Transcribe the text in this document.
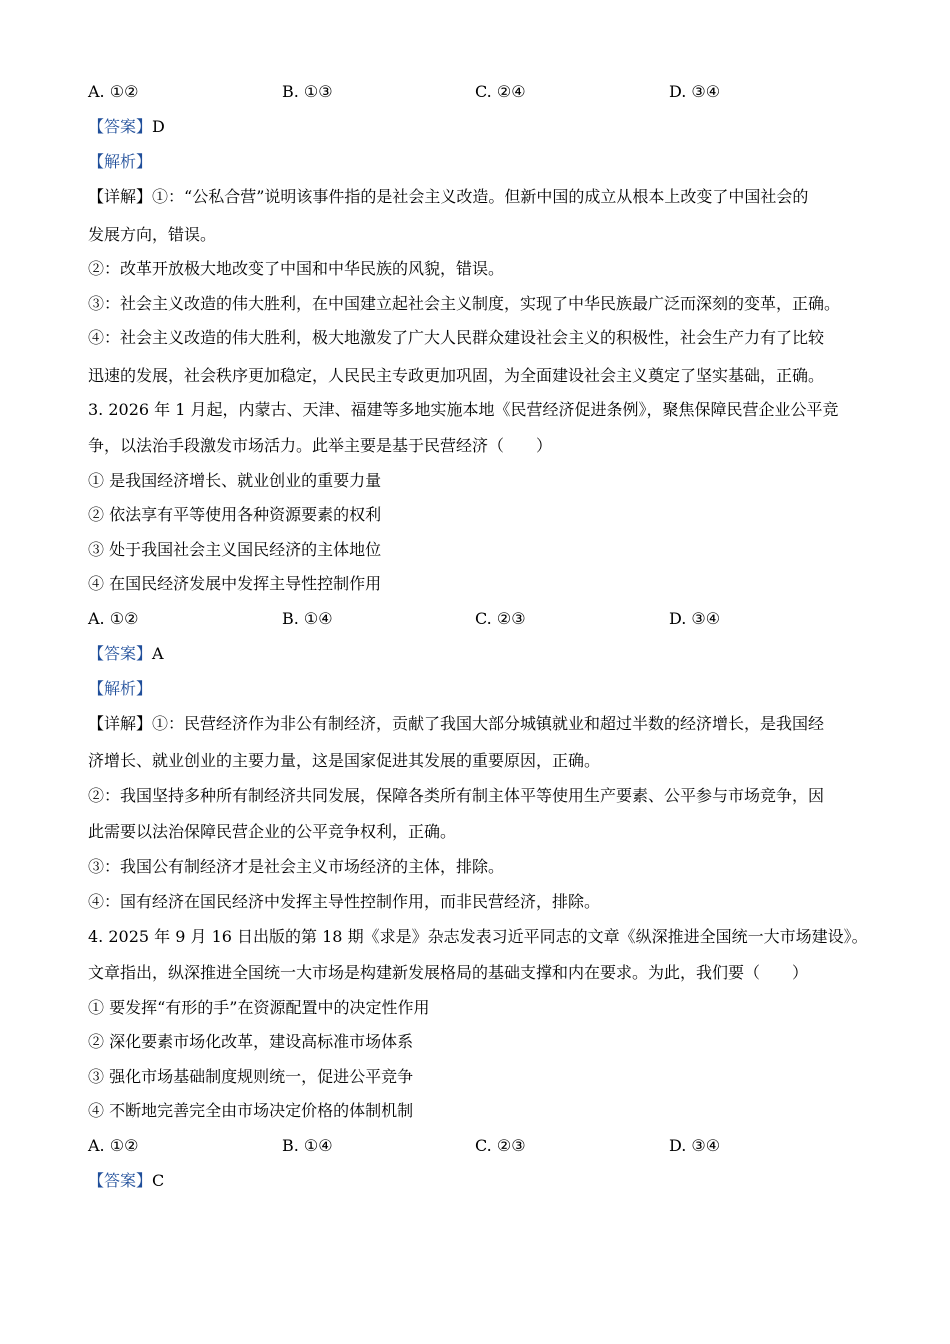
A. ①②	B. ①③	C. ②④	D. ③④
【答案】D
【解析】
【详解】①：“公私合营”说明该事件指的是社会主义改造。但新中国的成立从根本上改变了中国社会的
发展方向，错误。
②：改革开放极大地改变了中国和中华民族的风貌，错误。
③：社会主义改造的伟大胜利，在中国建立起社会主义制度，实现了中华民族最广泛而深刻的变革，正确。
④：社会主义改造的伟大胜利，极大地激发了广大人民群众建设社会主义的积极性，社会生产力有了比较
迅速的发展，社会秩序更加稳定，人民民主专政更加巩固，为全面建设社会主义奠定了坚实基础，正确。
3. 2026 年 1 月起，内蒙古、天津、福建等多地实施本地《民营经济促进条例》，聚焦保障民营企业公平竞
争，以法治手段激发市场活力。此举主要是基于民营经济（　　）
① 是我国经济增长、就业创业的重要力量
② 依法享有平等使用各种资源要素的权利
③ 处于我国社会主义国民经济的主体地位
④ 在国民经济发展中发挥主导性控制作用
A. ①②	B. ①④	C. ②③	D. ③④
【答案】A
【解析】
【详解】①：民营经济作为非公有制经济，贡献了我国大部分城镇就业和超过半数的经济增长，是我国经
济增长、就业创业的主要力量，这是国家促进其发展的重要原因，正确。
②：我国坚持多种所有制经济共同发展，保障各类所有制主体平等使用生产要素、公平参与市场竞争，因
此需要以法治保障民营企业的公平竞争权利，正确。
③：我国公有制经济才是社会主义市场经济的主体，排除。
④：国有经济在国民经济中发挥主导性控制作用，而非民营经济，排除。
4. 2025 年 9 月 16 日出版的第 18 期《求是》杂志发表习近平同志的文章《纵深推进全国统一大市场建设》。
文章指出，纵深推进全国统一大市场是构建新发展格局的基础支撑和内在要求。为此，我们要（　　）
① 要发挥“有形的手”在资源配置中的决定性作用
② 深化要素市场化改革，建设高标准市场体系
③ 强化市场基础制度规则统一，促进公平竞争
④ 不断地完善完全由市场决定价格的体制机制
A. ①②	B. ①④	C. ②③	D. ③④
【答案】C
